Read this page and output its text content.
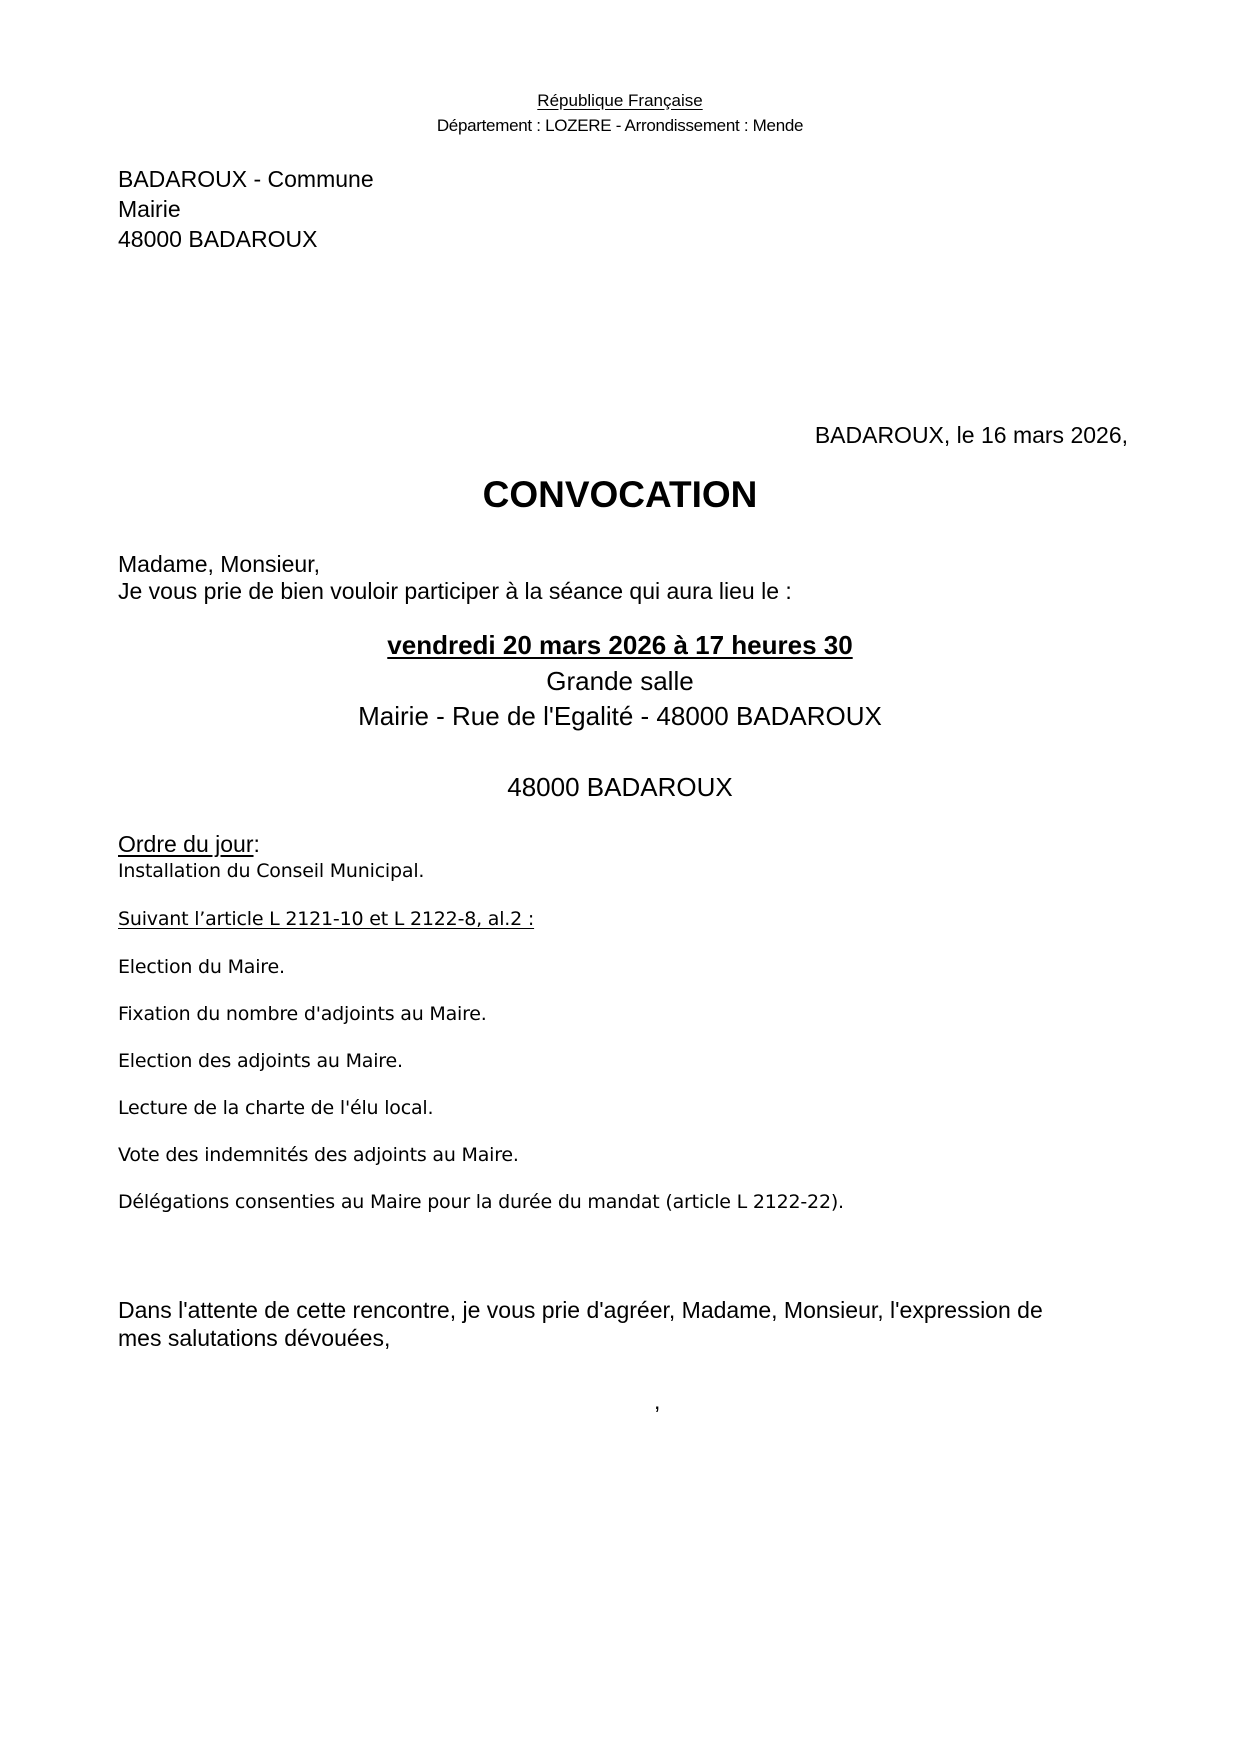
République Française
Département : LOZERE - Arrondissement : Mende
BADAROUX - Commune
Mairie
48000 BADAROUX
BADAROUX, le 16 mars 2026,
CONVOCATION
Madame, Monsieur,
Je vous prie de bien vouloir participer à la séance qui aura lieu le :
vendredi 20 mars 2026 à 17 heures 30
Grande salle
Mairie - Rue de l'Egalité - 48000 BADAROUX
48000 BADAROUX
Ordre du jour:
Installation du Conseil Municipal.
Suivant l’article L 2121-10 et L 2122-8, al.2 :
Election du Maire.
Fixation du nombre d'adjoints au Maire.
Election des adjoints au Maire.
Lecture de la charte de l'élu local.
Vote des indemnités des adjoints au Maire.
Délégations consenties au Maire pour la durée du mandat (article L 2122-22).
Dans l'attente de cette rencontre, je vous prie d'agréer, Madame, Monsieur, l'expression de
mes salutations dévouées,
,
